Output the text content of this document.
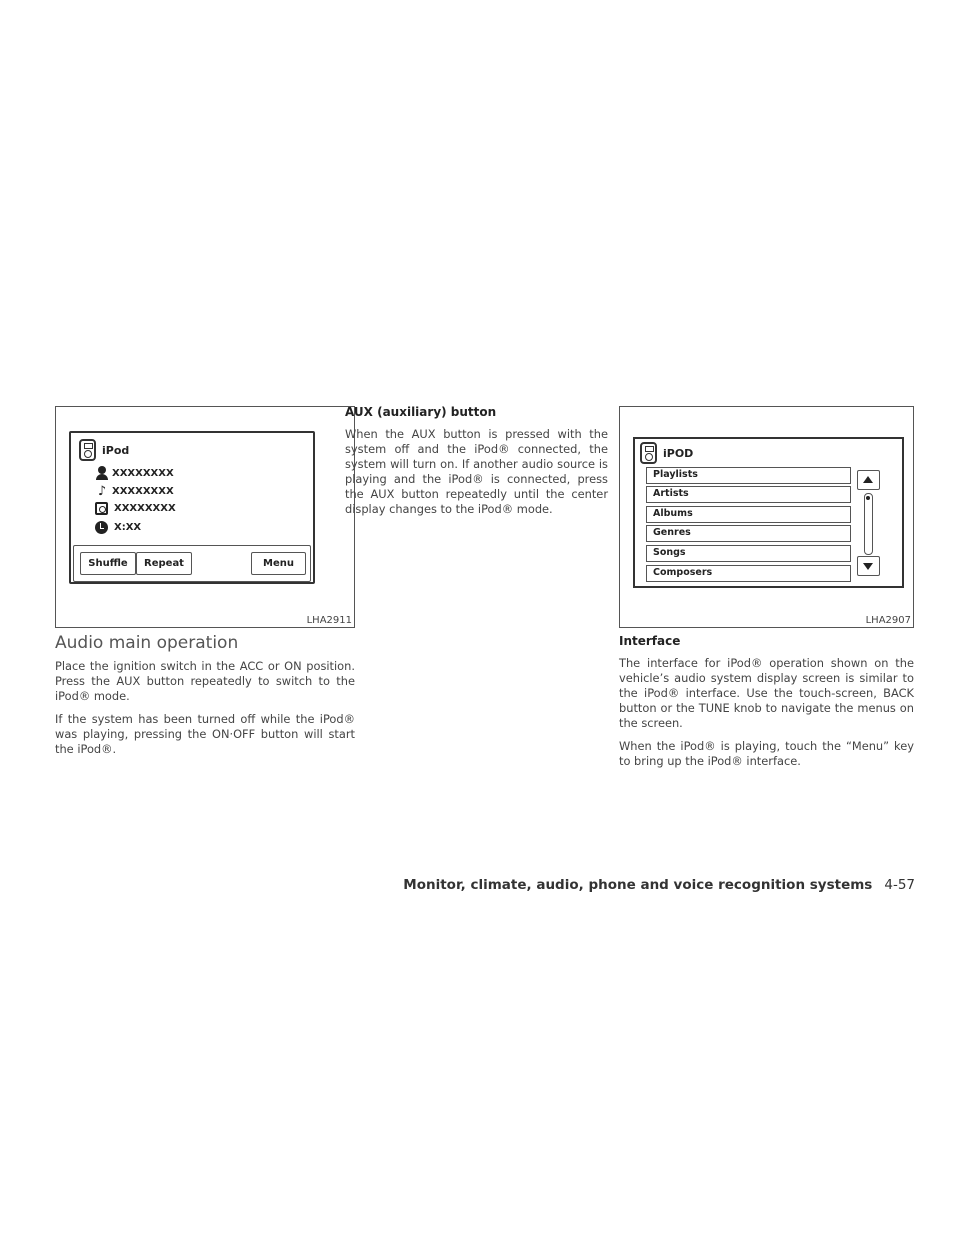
iPod
XXXXXXXX
♪ XXXXXXXX
XXXXXXXX
X:XX
Shuffle	Repeat	Menu
LHA2911
Audio main operation

Place the ignition switch in the ACC or ON position. Press the AUX button repeatedly to switch to the iPod® mode.

If the system has been turned off while the iPod® was playing, pressing the ON·OFF button will start the iPod®.

AUX (auxiliary) button

When the AUX button is pressed with the system off and the iPod® connected, the system will turn on. If another audio source is playing and the iPod® is connected, press the AUX button repeatedly until the center display changes to the iPod® mode.

iPOD
Playlists
Artists
Albums
Genres
Songs
Composers
LHA2907
Interface

The interface for iPod® operation shown on the vehicle’s audio system display screen is similar to the iPod® interface. Use the touch-screen, BACK button or the TUNE knob to navigate the menus on the screen.

When the iPod® is playing, touch the “Menu” key to bring up the iPod® interface.

Monitor, climate, audio, phone and voice recognition systems 4-57
